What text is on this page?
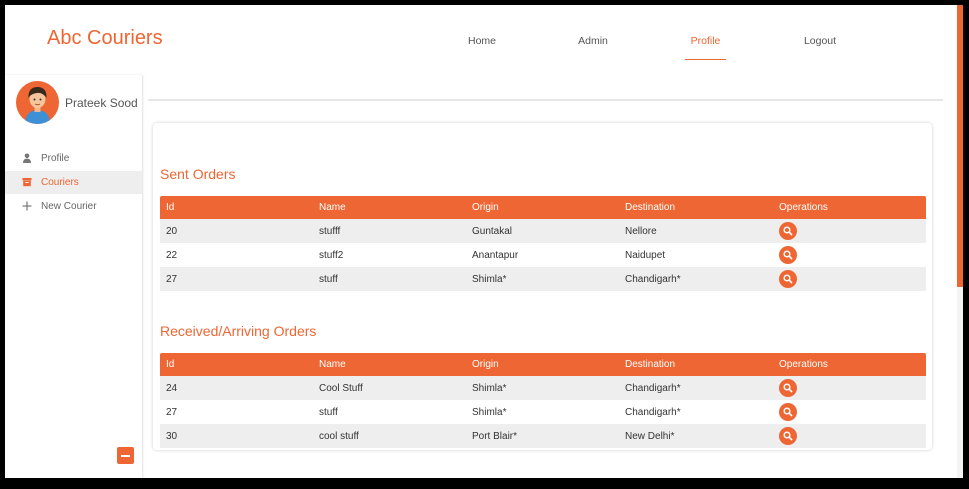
Abc Couriers	Home	Admin	Profile	Logout
Prateek Sood
Profile
Couriers
New Courier
Sent Orders
Id	Name	Origin	Destination	Operations
20	stufff	Guntakal	Nellore
22	stuff2	Anantapur	Naidupet
27	stuff	Shimla*	Chandigarh*
Received/Arriving Orders
Id	Name	Origin	Destination	Operations
24	Cool Stuff	Shimla*	Chandigarh*
27	stuff	Shimla*	Chandigarh*
30	cool stuff	Port Blair*	New Delhi*
